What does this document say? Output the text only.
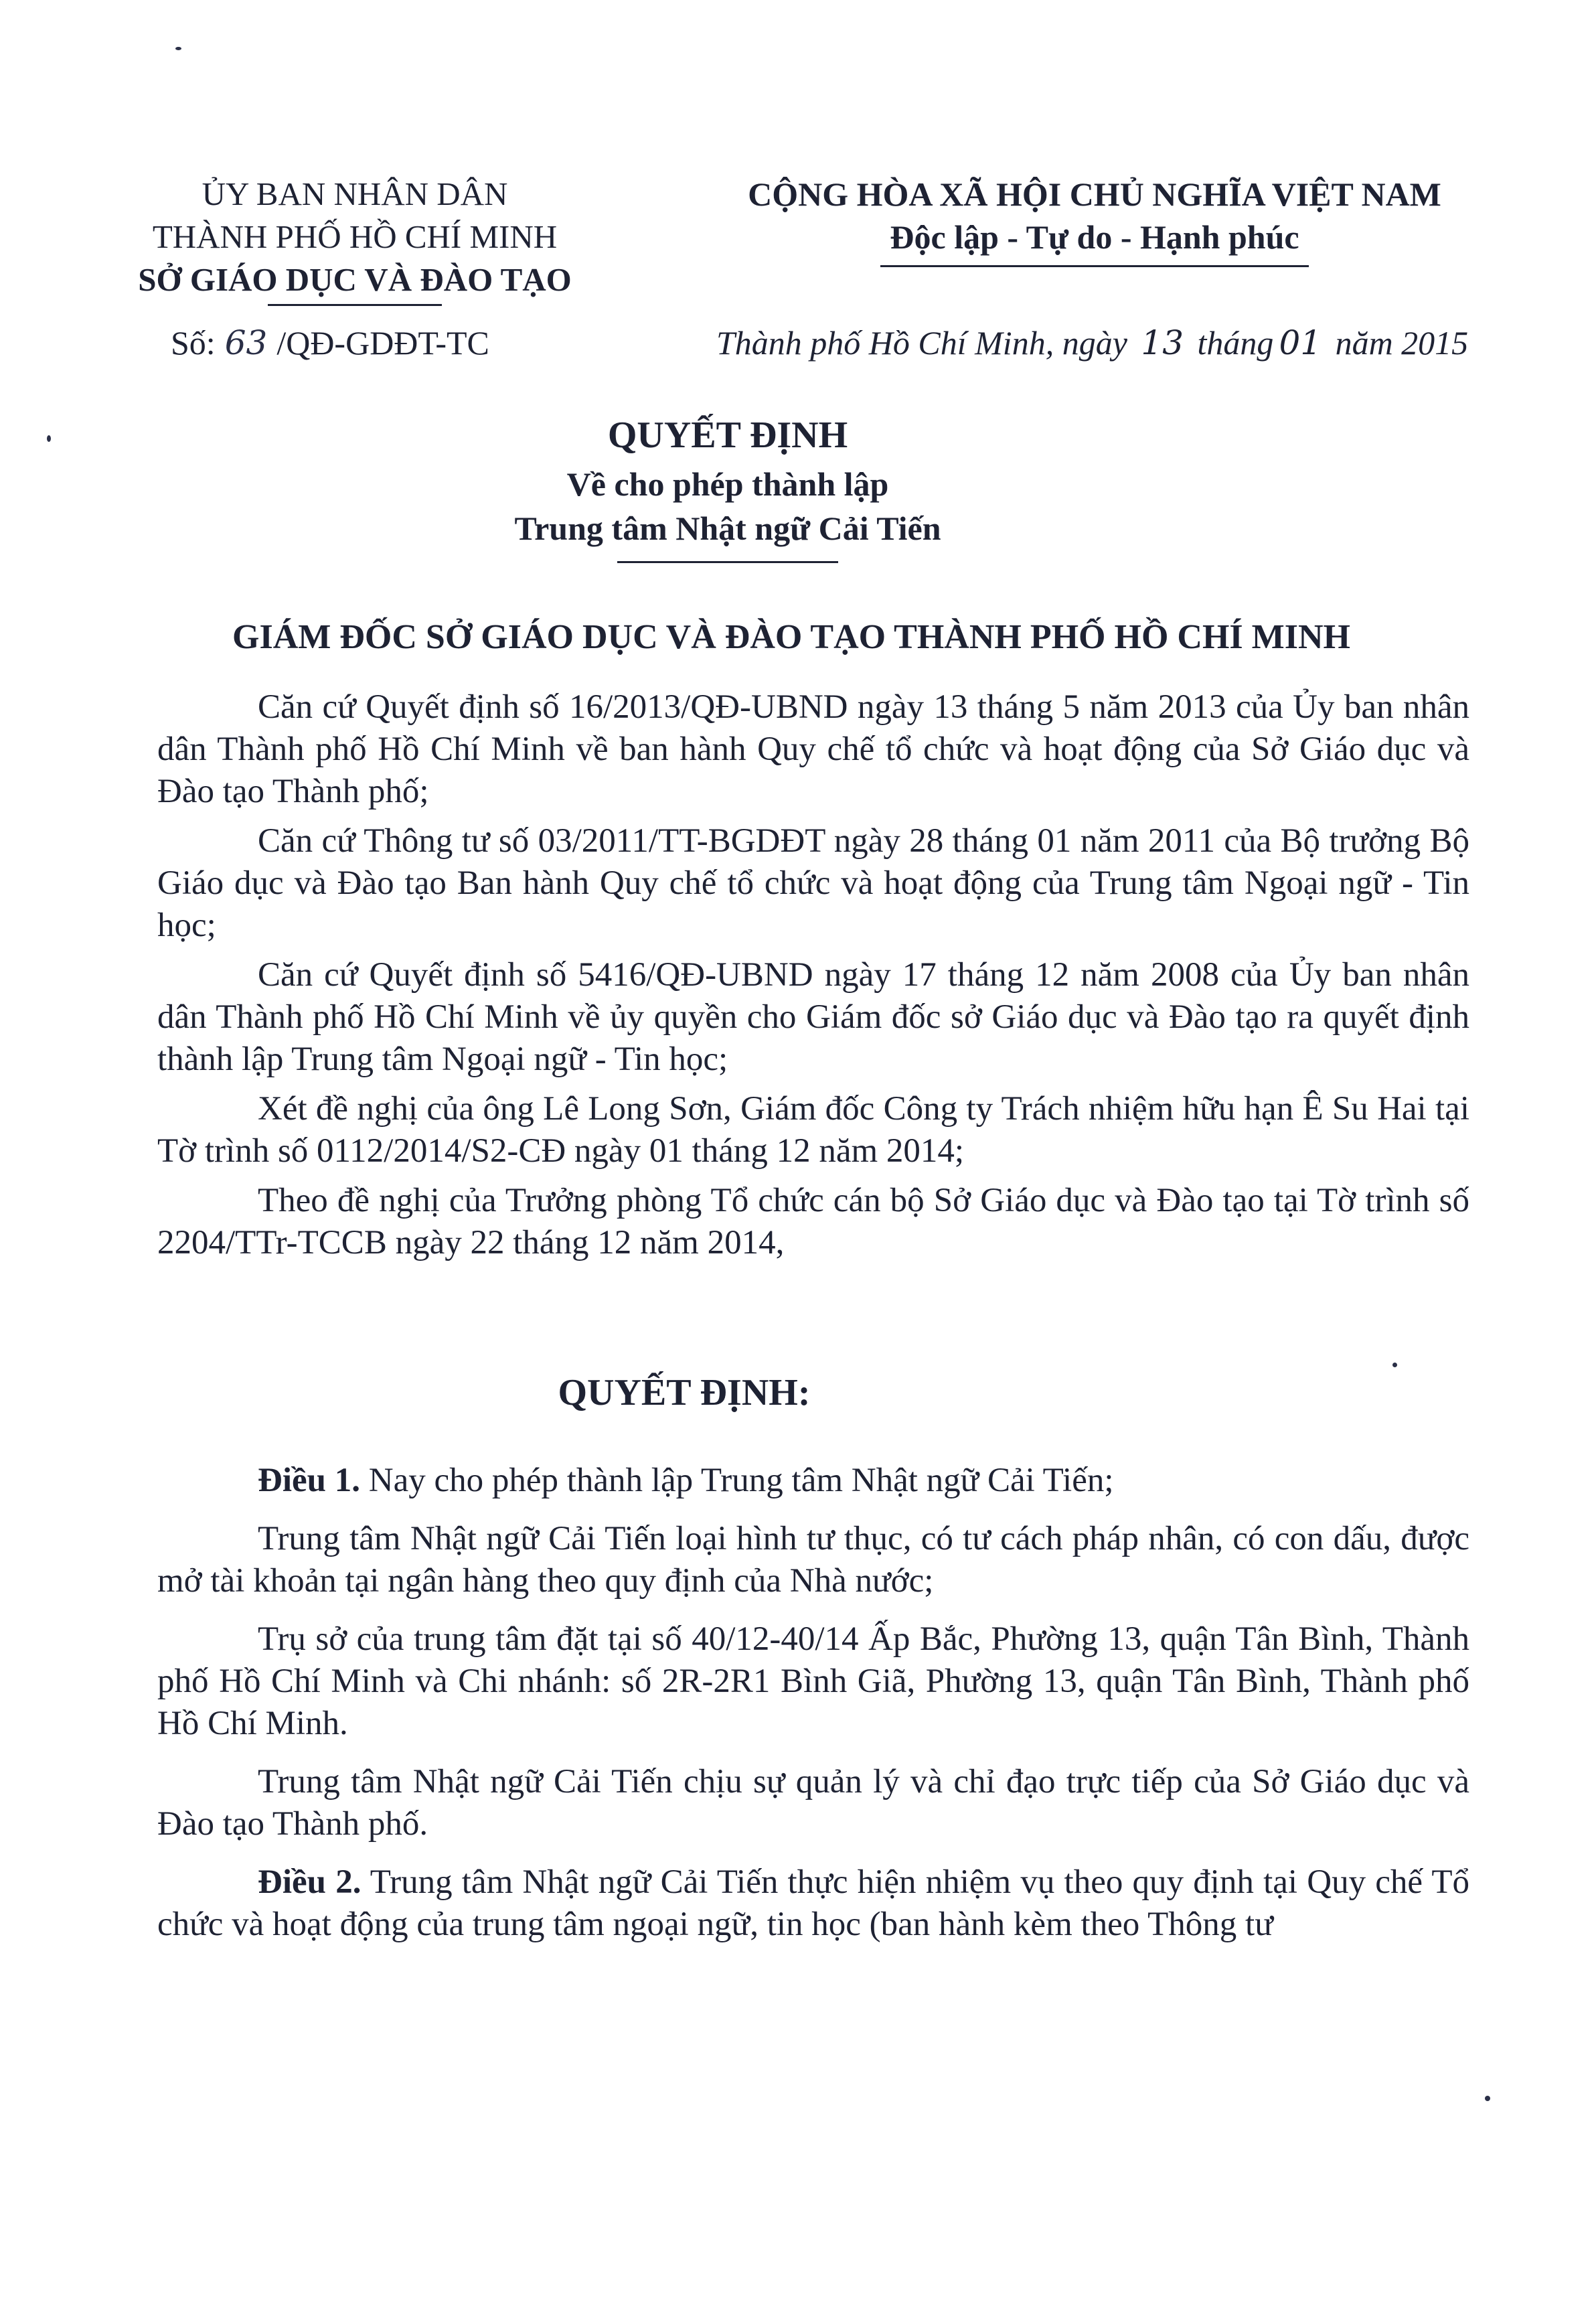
ỦY BAN NHÂN DÂN
THÀNH PHỐ HỒ CHÍ MINH
SỞ GIÁO DỤC VÀ ĐÀO TẠO
CỘNG HÒA XÃ HỘI CHỦ NGHĨA VIỆT NAM
Độc lập - Tự do - Hạnh phúc
Số: 63 /QĐ-GDĐT-TC	Thành phố Hồ Chí Minh, ngày 13 tháng 01 năm 2015
QUYẾT ĐỊNH
Về cho phép thành lập
Trung tâm Nhật ngữ Cải Tiến
GIÁM ĐỐC SỞ GIÁO DỤC VÀ ĐÀO TẠO THÀNH PHỐ HỒ CHÍ MINH

Căn cứ Quyết định số 16/2013/QĐ-UBND ngày 13 tháng 5 năm 2013 của Ủy ban nhân dân Thành phố Hồ Chí Minh về ban hành Quy chế tổ chức và hoạt động của Sở Giáo dục và Đào tạo Thành phố;

Căn cứ Thông tư số 03/2011/TT-BGDĐT ngày 28 tháng 01 năm 2011 của Bộ trưởng Bộ Giáo dục và Đào tạo Ban hành Quy chế tổ chức và hoạt động của Trung tâm Ngoại ngữ - Tin học;

Căn cứ Quyết định số 5416/QĐ-UBND ngày 17 tháng 12 năm 2008 của Ủy ban nhân dân Thành phố Hồ Chí Minh về ủy quyền cho Giám đốc sở Giáo dục và Đào tạo ra quyết định thành lập Trung tâm Ngoại ngữ - Tin học;

Xét đề nghị của ông Lê Long Sơn, Giám đốc Công ty Trách nhiệm hữu hạn Ê Su Hai tại Tờ trình số 0112/2014/S2-CĐ ngày 01 tháng 12 năm 2014;

Theo đề nghị của Trưởng phòng Tổ chức cán bộ Sở Giáo dục và Đào tạo tại Tờ trình số 2204/TTr-TCCB ngày 22 tháng 12 năm 2014,

QUYẾT ĐỊNH:

Điều 1. Nay cho phép thành lập Trung tâm Nhật ngữ Cải Tiến;

Trung tâm Nhật ngữ Cải Tiến loại hình tư thục, có tư cách pháp nhân, có con dấu, được mở tài khoản tại ngân hàng theo quy định của Nhà nước;

Trụ sở của trung tâm đặt tại số 40/12-40/14 Ấp Bắc, Phường 13, quận Tân Bình, Thành phố Hồ Chí Minh và Chi nhánh: số 2R-2R1 Bình Giã, Phường 13, quận Tân Bình, Thành phố Hồ Chí Minh.

Trung tâm Nhật ngữ Cải Tiến chịu sự quản lý và chỉ đạo trực tiếp của Sở Giáo dục và Đào tạo Thành phố.

Điều 2. Trung tâm Nhật ngữ Cải Tiến thực hiện nhiệm vụ theo quy định tại Quy chế Tổ chức và hoạt động của trung tâm ngoại ngữ, tin học (ban hành kèm theo Thông tư
